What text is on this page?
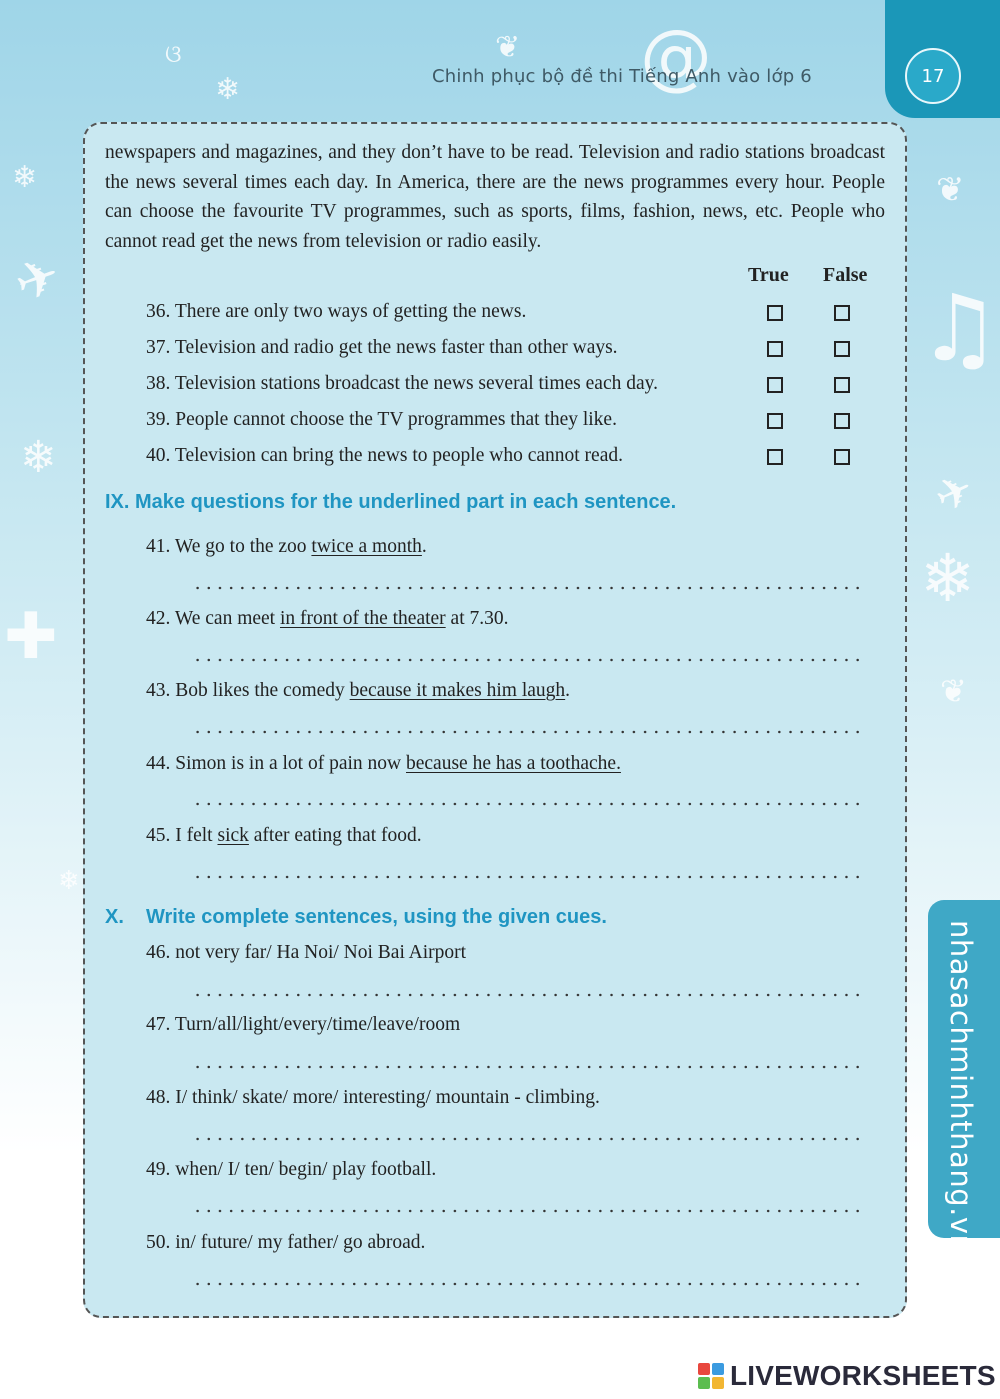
❄
❄
❄
❄
❄
♫
✈
✈
❦
❦
❦
✚
@
ଓ
Chinh phục bộ đề thi Tiếng Anh vào lớp 6	17
nhasachminhthang.vn
newspapers and magazines, and they don’t have to be read. Television and radio stations broadcast the news several times each day. In America, there are the news programmes every hour. People can choose the favourite TV programmes, such as sports, films, fashion, news, etc. People who cannot read get the news from television or radio easily.
True False
36. There are only two ways of getting the news.
37. Television and radio get the news faster than other ways.
38. Television stations broadcast the news several times each day.
39. People cannot choose the TV programmes that they like.
40. Television can bring the news to people who cannot read.
IX. Make questions for the underlined part in each sentence.
41. We go to the zoo twice a month.
42. We can meet in front of the theater at 7.30.
43. Bob likes the comedy because it makes him laugh.
44. Simon is in a lot of pain now because he has a toothache.
45. I felt sick after eating that food.
X. Write complete sentences, using the given cues.
46. not very far/ Ha Noi/ Noi Bai Airport
47. Turn/all/light/every/time/leave/room
48. I/ think/ skate/ more/ interesting/ mountain - climbing.
49. when/ I/ ten/ begin/ play football.
50. in/ future/ my father/ go abroad.
LIVEWORKSHEETS
